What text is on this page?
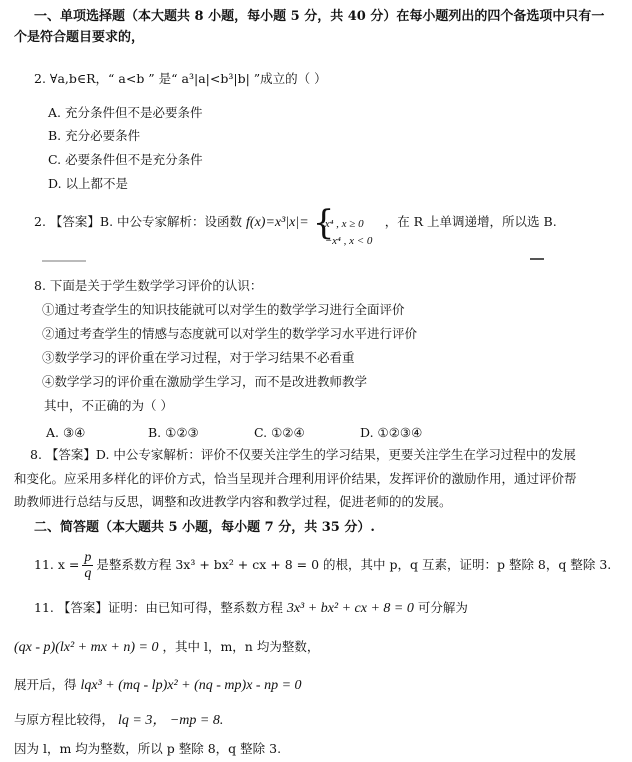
一、单项选择题（本大题共 8 小题，每小题 5 分，共 40 分）在每小题列出的四个备选项中只有一
个是符合题目要求的，
2. ∀a,b∈R，“ a<b ” 是“ a³|a|<b³|b| ”成立的（ ）
A. 充分条件但不是必要条件
B. 充分必要条件
C. 必要条件但不是充分条件
D. 以上都不是
2. 【答案】B. 中公专家解析：设函数 f(x)=x³|x|= {
x⁴ , x ≥ 0
−x⁴ , x < 0
，在 R 上单调递增，所以选 B.
8. 下面是关于学生数学学习评价的认识：
①通过考查学生的知识技能就可以对学生的数学学习进行全面评价
②通过考查学生的情感与态度就可以对学生的数学学习水平进行评价
③数学学习的评价重在学习过程，对于学习结果不必看重
④数学学习的评价重在激励学生学习，而不是改进教师教学
其中，不正确的为（ ）
A. ③④	B. ①②③	C. ①②④	D. ①②③④
8. 【答案】D. 中公专家解析：评价不仅要关注学生的学习结果，更要关注学生在学习过程中的发展
和变化。应采用多样化的评价方式，恰当呈现并合理利用评价结果，发挥评价的激励作用，通过评价帮
助教师进行总结与反思，调整和改进教学内容和教学过程，促进老师的的发展。
二、简答题（本大题共 5 小题，每小题 7 分，共 35 分）.
11. $x = \frac{p}{q}$ 是整系数方程 3x³ + bx² + cx + 8 = 0 的根，其中 p，q 互素，证明：p 整除 8，q 整除 3.
11. 【答案】证明：由已知可得，整系数方程 3x³ + bx² + cx + 8 = 0 可分解为
(qx - p)(lx² + mx + n) = 0 ，其中 l，m，n 均为整数，
展开后，得 lqx³ + (mq - lp)x² + (nq - mp)x - np = 0
与原方程比较得， lq = 3， −mp = 8.
因为 l，m 均为整数，所以 p 整除 8，q 整除 3.
